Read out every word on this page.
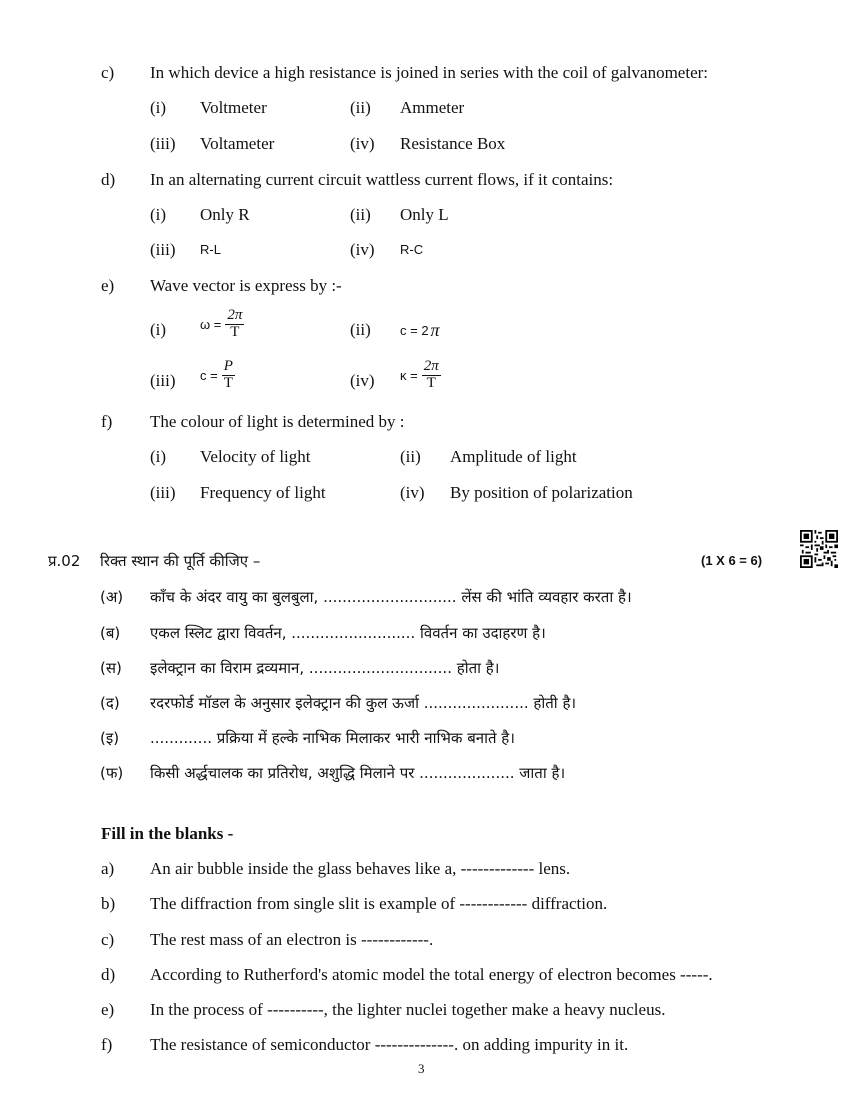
c) In which device a high resistance is joined in series with the coil of galvanometer:
(i) Voltmeter	(ii) Ammeter
(iii) Voltameter	(iv) Resistance Box
d) In an alternating current circuit wattless current flows, if it contains:
(i) Only R	(ii) Only L
(iii) R-L	(iv) R-C
e) Wave vector is express by :-
(i)	$\omega = \frac{2\pi}{T}$	(ii) c = 2 π
(iii) $c = \frac{P}{T}$	(iv) $\kappa = \frac{2\pi}{T}$
f) The colour of light is determined by :
(i) Velocity of light	(ii) Amplitude of light
(iii) Frequency of light	(iv) By position of polarization
प्र.02 रिक्त स्थान की पूर्ति कीजिए –	(1 X 6 = 6)
(अ) काँच के अंदर वायु का बुलबुला, ............................ लेंस की भांति व्यवहार करता है।
(ब) एकल स्लिट द्वारा विवर्तन, .......................... विवर्तन का उदाहरण है।
(स) इलेक्ट्रान का विराम द्रव्यमान, .............................. होता है।
(द) रदरफोर्ड मॉडल के अनुसार इलेक्ट्रान की कुल ऊर्जा ...................... होती है।
(इ) ............. प्रक्रिया में हल्के नाभिक मिलाकर भारी नाभिक बनाते है।
(फ) किसी अर्द्धचालक का प्रतिरोध, अशुद्धि मिलाने पर .................... जाता है।
Fill in the blanks -
a) An air bubble inside the glass behaves like a, ------------- lens.
b) The diffraction from single slit is example of ------------ diffraction.
c) The rest mass of an electron is ------------.
d) According to Rutherford's atomic model the total energy of electron becomes -----.
e) In the process of ----------, the lighter nuclei together make a heavy nucleus.
f) The resistance of semiconductor --------------. on adding impurity in it.
3
